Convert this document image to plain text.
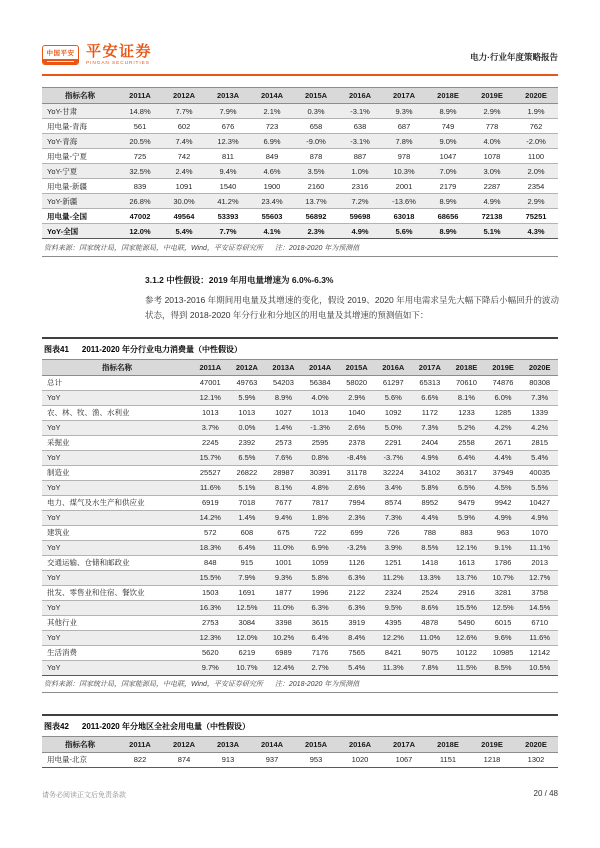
中国平安 平安证券
PINGAN SECURITIES
电力·行业年度策略报告
指标名称	2011A	2012A	2013A	2014A	2015A	2016A	2017A	2018E	2019E	2020E
YoY-甘肃	14.8%	7.7%	7.9%	2.1%	0.3%	-3.1%	9.3%	8.9%	2.9%	1.9%
用电量-青海	561	602	676	723	658	638	687	749	778	762
YoY-青海	20.5%	7.4%	12.3%	6.9%	-9.0%	-3.1%	7.8%	9.0%	4.0%	-2.0%
用电量-宁夏	725	742	811	849	878	887	978	1047	1078	1100
YoY-宁夏	32.5%	2.4%	9.4%	4.6%	3.5%	1.0%	10.3%	7.0%	3.0%	2.0%
用电量-新疆	839	1091	1540	1900	2160	2316	2001	2179	2287	2354
YoY-新疆	26.8%	30.0%	41.2%	23.4%	13.7%	7.2%	-13.6%	8.9%	4.9%	2.9%
用电量-全国	47002	49564	53393	55603	56892	59698	63018	68656	72138	75251
YoY-全国	12.0%	5.4%	7.7%	4.1%	2.3%	4.9%	5.6%	8.9%	5.1%	4.3%
资料来源：国家统计局，国家能源局，中电联，Wind，平安证券研究所 注：2018-2020 年为预测值
3.1.2 中性假设：2019 年用电量增速为 6.0%-6.3%
参考 2013-2016 年期间用电量及其增速的变化，假设 2019、2020 年用电需求呈先大幅下降后小幅回升的波动状态，得到 2018-2020 年分行业和分地区的用电量及其增速的预测值如下：
图表41 2011-2020 年分行业电力消费量（中性假设）
指标名称	2011A	2012A	2013A	2014A	2015A	2016A	2017A	2018E	2019E	2020E
总计	47001	49763	54203	56384	58020	61297	65313	70610	74876	80308
YoY	12.1%	5.9%	8.9%	4.0%	2.9%	5.6%	6.6%	8.1%	6.0%	7.3%
农、林、牧、渔、水利业	1013	1013	1027	1013	1040	1092	1172	1233	1285	1339
YoY	3.7%	0.0%	1.4%	-1.3%	2.6%	5.0%	7.3%	5.2%	4.2%	4.2%
采掘业	2245	2392	2573	2595	2378	2291	2404	2558	2671	2815
YoY	15.7%	6.5%	7.6%	0.8%	-8.4%	-3.7%	4.9%	6.4%	4.4%	5.4%
制造业	25527	26822	28987	30391	31178	32224	34102	36317	37949	40035
YoY	11.6%	5.1%	8.1%	4.8%	2.6%	3.4%	5.8%	6.5%	4.5%	5.5%
电力、煤气及水生产和供应业	6919	7018	7677	7817	7994	8574	8952	9479	9942	10427
YoY	14.2%	1.4%	9.4%	1.8%	2.3%	7.3%	4.4%	5.9%	4.9%	4.9%
建筑业	572	608	675	722	699	726	788	883	963	1070
YoY	18.3%	6.4%	11.0%	6.9%	-3.2%	3.9%	8.5%	12.1%	9.1%	11.1%
交通运输、仓储和邮政业	848	915	1001	1059	1126	1251	1418	1613	1786	2013
YoY	15.5%	7.9%	9.3%	5.8%	6.3%	11.2%	13.3%	13.7%	10.7%	12.7%
批发、零售业和住宿、餐饮业	1503	1691	1877	1996	2122	2324	2524	2916	3281	3758
YoY	16.3%	12.5%	11.0%	6.3%	6.3%	9.5%	8.6%	15.5%	12.5%	14.5%
其他行业	2753	3084	3398	3615	3919	4395	4878	5490	6015	6710
YoY	12.3%	12.0%	10.2%	6.4%	8.4%	12.2%	11.0%	12.6%	9.6%	11.6%
生活消费	5620	6219	6989	7176	7565	8421	9075	10122	10985	12142
YoY	9.7%	10.7%	12.4%	2.7%	5.4%	11.3%	7.8%	11.5%	8.5%	10.5%
资料来源：国家统计局，国家能源局，中电联，Wind，平安证券研究所 注：2018-2020 年为预测值
图表42 2011-2020 年分地区全社会用电量（中性假设）
指标名称	2011A	2012A	2013A	2014A	2015A	2016A	2017A	2018E	2019E	2020E
用电量-北京	822	874	913	937	953	1020	1067	1151	1218	1302
请务必阅读正文后免责条款	20 / 48
